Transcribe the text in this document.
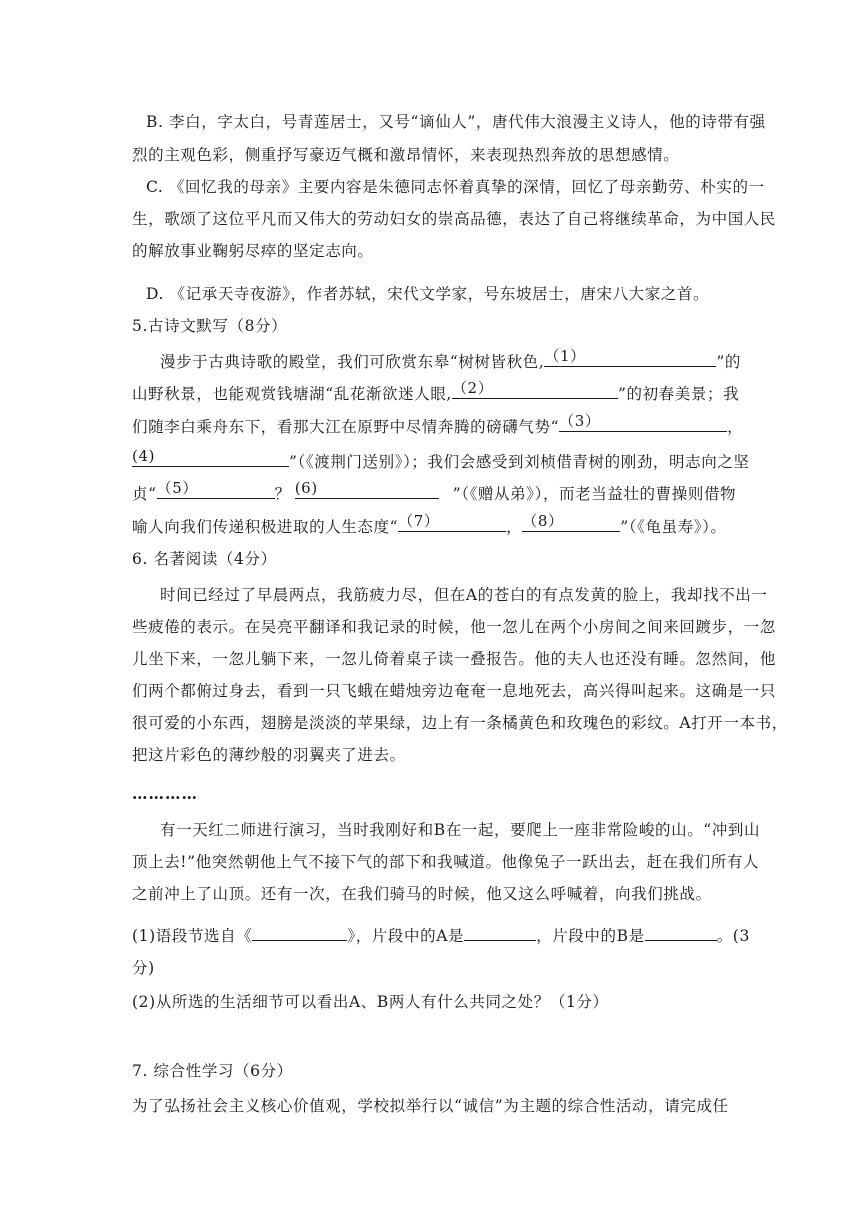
B. 李白，字太白，号青莲居士，又号“谪仙人”，唐代伟大浪漫主义诗人，他的诗带有强
烈的主观色彩，侧重抒写豪迈气概和激昂情怀，来表现热烈奔放的思想感情。
C. 《回忆我的母亲》主要内容是朱德同志怀着真挚的深情，回忆了母亲勤劳、朴实的一
生，歌颂了这位平凡而又伟大的劳动妇女的崇高品德，表达了自己将继续革命，为中国人民
的解放事业鞠躬尽瘁的坚定志向。
D. 《记承天寺夜游》，作者苏轼，宋代文学家，号东坡居士，唐宋八大家之首。
5.古诗文默写（8分）
漫步于古典诗歌的殿堂，我们可欣赏东皋“树树皆秋色, （1）	”的
山野秋景，也能观赏钱塘湖“乱花渐欲迷人眼, （2）	”的初春美景；我
们随李白乘舟东下，看那大江在原野中尽情奔腾的磅礴气势“ （3）	，
(4)	”（《渡荆门送别》）；我们会感受到刘桢借青树的刚劲，明志向之坚
贞“ （5）	？ (6)	”（《赠从弟》），而老当益壮的曹操则借物
喻人向我们传递积极进取的人生态度“ （7）	， （8）	”（《龟虽寿》）。
6. 名著阅读（4分）
时间已经过了早晨两点，我筋疲力尽，但在A的苍白的有点发黄的脸上，我却找不出一
些疲倦的表示。在吴亮平翻译和我记录的时候，他一忽儿在两个小房间之间来回踱步，一忽
儿坐下来，一忽儿躺下来，一忽儿倚着桌子读一叠报告。他的夫人也还没有睡。忽然间，他
们两个都俯过身去，看到一只飞蛾在蜡烛旁边奄奄一息地死去，高兴得叫起来。这确是一只
很可爱的小东西，翅膀是淡淡的苹果绿，边上有一条橘黄色和玫瑰色的彩纹。A打开一本书，
把这片彩色的薄纱般的羽翼夹了进去。
…………
有一天红二师进行演习，当时我刚好和B在一起，要爬上一座非常险峻的山。“冲到山
顶上去!”他突然朝他上气不接下气的部下和我喊道。他像兔子一跃出去，赶在我们所有人
之前冲上了山顶。还有一次，在我们骑马的时候，他又这么呼喊着，向我们挑战。
(1)语段节选自《	》，片段中的A是	，片段中的B是	。(3
分)
(2)从所选的生活细节可以看出A、B两人有什么共同之处？（1分）
7. 综合性学习（6分）
为了弘扬社会主义核心价值观，学校拟举行以“诚信”为主题的综合性活动，请完成任
